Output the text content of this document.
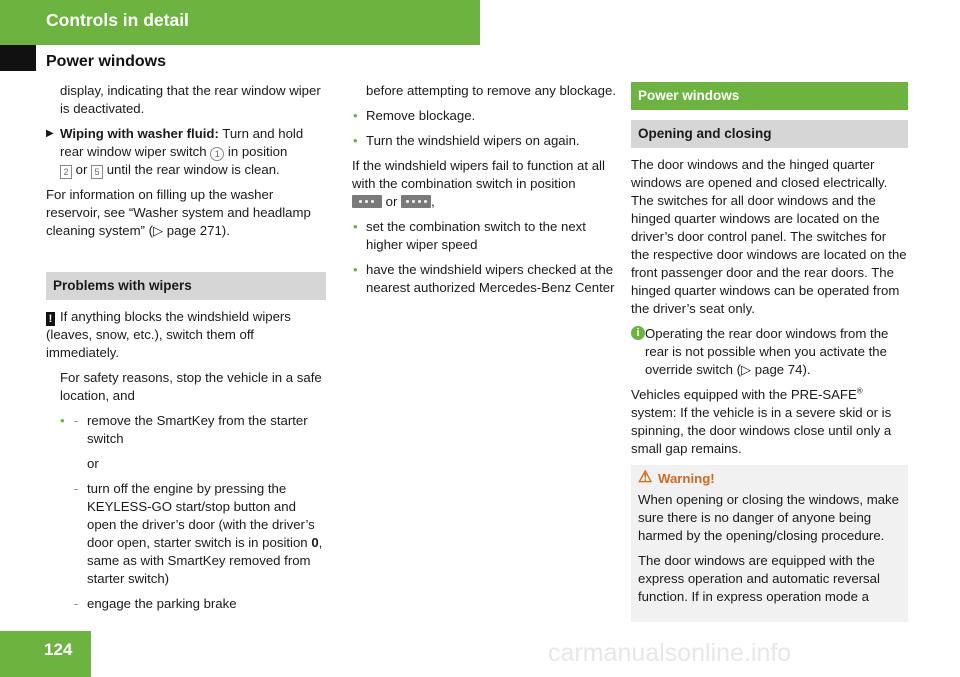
Controls in detail
Power windows

display, indicating that the rear window wiper is deactivated.

▶ Wiping with washer fluid: Turn and hold rear window wiper switch 1 in position
2 or 5 until the rear window is clean.

For information on filling up the washer reservoir, see “Washer system and headlamp cleaning system” (▷ page 271).

Problems with wipers

! If anything blocks the windshield wipers (leaves, snow, etc.), switch them off immediately.

For safety reasons, stop the vehicle in a safe location, and

• - remove the SmartKey from the starter switch
or
- turn off the engine by pressing the KEYLESS-GO start/stop button and open the driver’s door (with the driver’s door open, starter switch is in position 0, same as with SmartKey removed from starter switch)
- engage the parking brake

before attempting to remove any blockage.

• Remove blockage.
• Turn the windshield wipers on again.

If the windshield wipers fail to function at all with the combination switch in position

or
,

• set the combination switch to the next higher wiper speed
• have the windshield wipers checked at the nearest authorized Mercedes-Benz Center
Power windows
Opening and closing

The door windows and the hinged quarter windows are opened and closed electrically. The switches for all door windows and the hinged quarter windows are located on the driver’s door control panel. The switches for the respective door windows are located on the front passenger door and the rear doors. The hinged quarter windows can be operated from the driver’s seat only.

i Operating the rear door windows from the rear is not possible when you activate the override switch (▷ page 74).

Vehicles equipped with the PRE-SAFE® system: If the vehicle is in a severe skid or is spinning, the door windows close until only a small gap remains.

⚠ Warning!

When opening or closing the windows, make sure there is no danger of anyone being harmed by the opening/closing procedure.

The door windows are equipped with the express operation and automatic reversal function. If in express operation mode a

124	carmanualsonline.info
